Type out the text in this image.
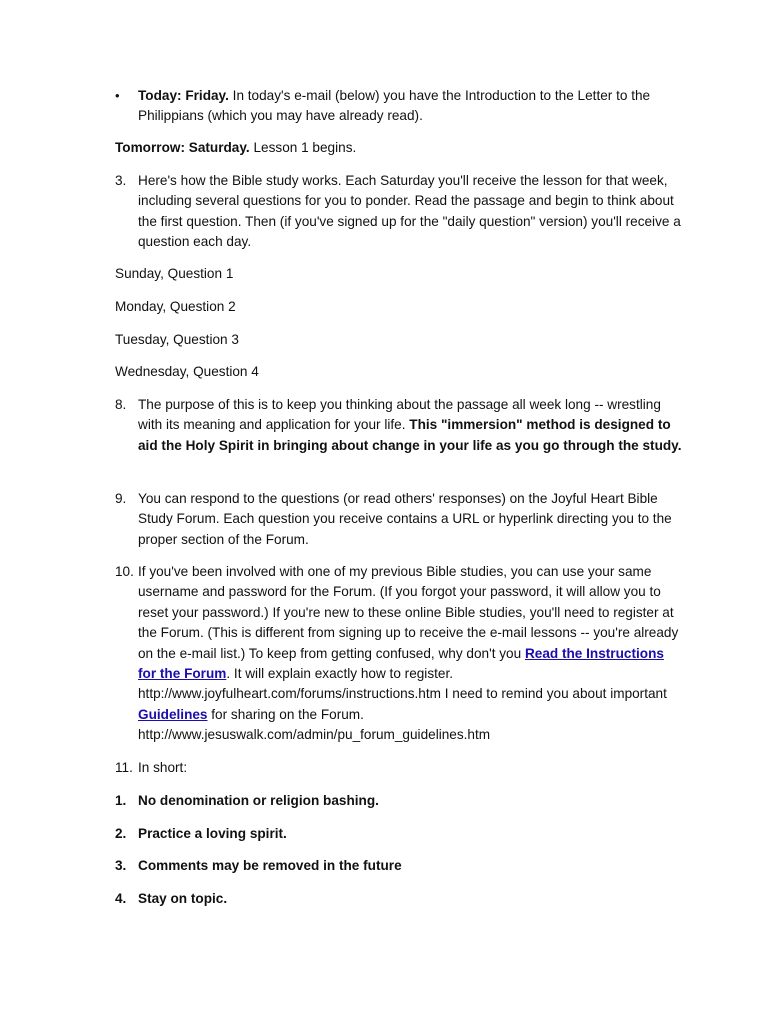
• Today: Friday. In today's e-mail (below) you have the Introduction to the Letter to the Philippians (which you may have already read).

Tomorrow: Saturday. Lesson 1 begins.

3. Here's how the Bible study works. Each Saturday you'll receive the lesson for that week, including several questions for you to ponder. Read the passage and begin to think about the first question. Then (if you've signed up for the "daily question" version) you'll receive a question each day.

Sunday, Question 1

Monday, Question 2

Tuesday, Question 3

Wednesday, Question 4

8. The purpose of this is to keep you thinking about the passage all week long -- wrestling with its meaning and application for your life. This "immersion" method is designed to aid the Holy Spirit in bringing about change in your life as you go through the study.
9. You can respond to the questions (or read others' responses) on the Joyful Heart Bible Study Forum. Each question you receive contains a URL or hyperlink directing you to the proper section of the Forum.
10. If you've been involved with one of my previous Bible studies, you can use your same username and password for the Forum. (If you forgot your password, it will allow you to reset your password.) If you're new to these online Bible studies, you'll need to register at the Forum. (This is different from signing up to receive the e-mail lessons -- you're already on the e-mail list.) To keep from getting confused, why don't you Read the Instructions for the Forum. It will explain exactly how to register. http://www.joyfulheart.com/forums/instructions.htm I need to remind you about important Guidelines for sharing on the Forum. http://www.jesuswalk.com/admin/pu_forum_guidelines.htm
11. In short:
1. No denomination or religion bashing.
2. Practice a loving spirit.
3. Comments may be removed in the future
4. Stay on topic.
